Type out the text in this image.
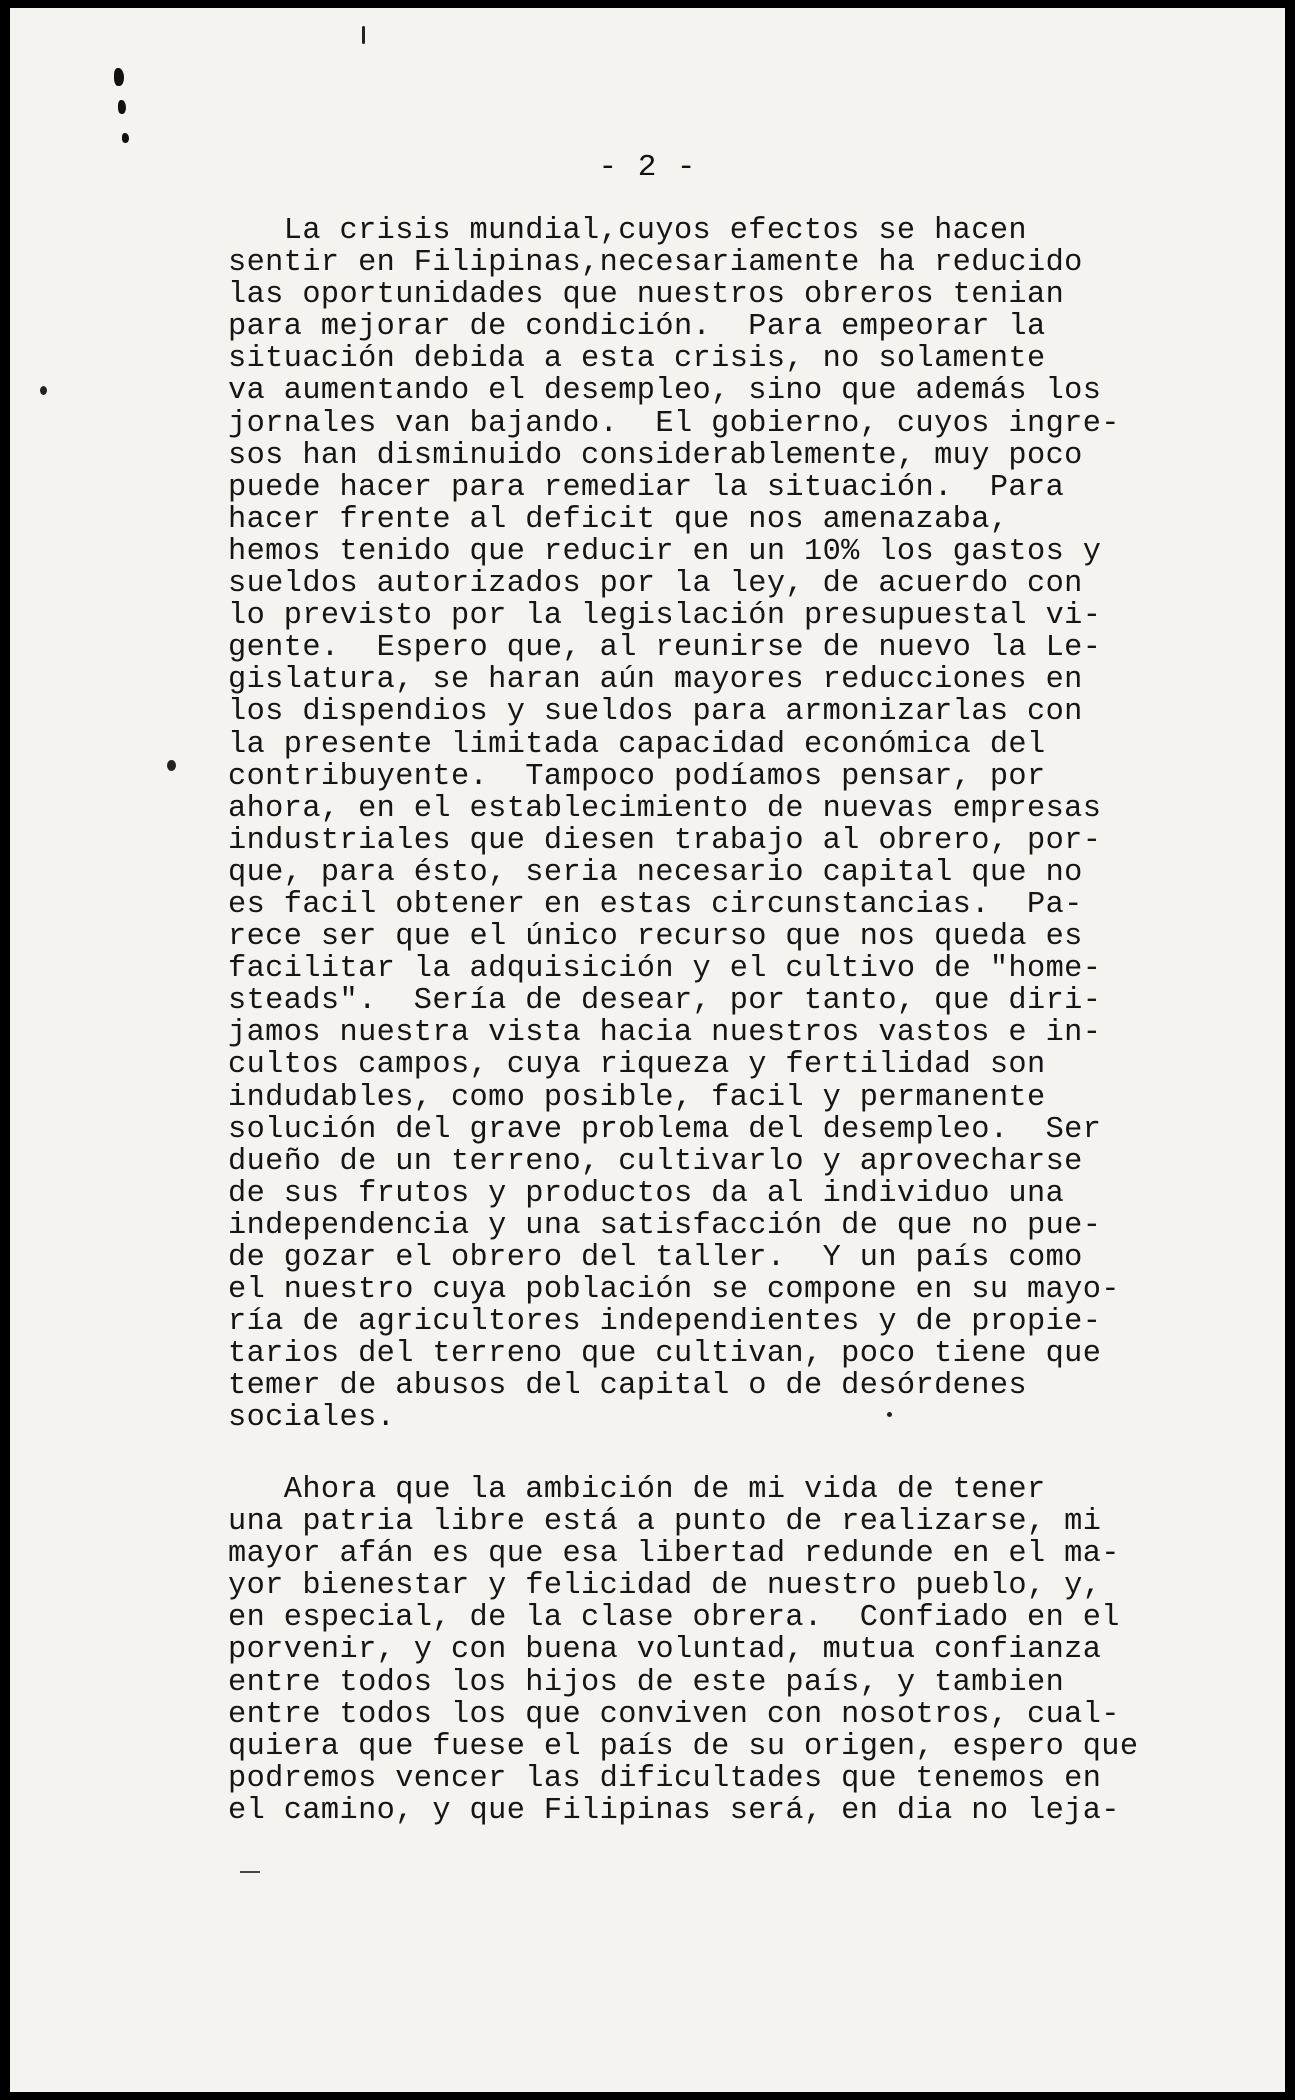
- 2 -
La crisis mundial,cuyos efectos se hacen
sentir en Filipinas,necesariamente ha reducido
las oportunidades que nuestros obreros tenian
para mejorar de condición.  Para empeorar la
situación debida a esta crisis, no solamente
va aumentando el desempleo, sino que además los
jornales van bajando.  El gobierno, cuyos ingre-
sos han disminuido considerablemente, muy poco
puede hacer para remediar la situación.  Para
hacer frente al deficit que nos amenazaba,
hemos tenido que reducir en un 10% los gastos y
sueldos autorizados por la ley, de acuerdo con
lo previsto por la legislación presupuestal vi-
gente.  Espero que, al reunirse de nuevo la Le-
gislatura, se haran aún mayores reducciones en
los dispendios y sueldos para armonizarlas con
la presente limitada capacidad económica del
contribuyente.  Tampoco podíamos pensar, por
ahora, en el establecimiento de nuevas empresas
industriales que diesen trabajo al obrero, por-
que, para ésto, seria necesario capital que no
es facil obtener en estas circunstancias.  Pa-
rece ser que el único recurso que nos queda es
facilitar la adquisición y el cultivo de "home-
steads".  Sería de desear, por tanto, que diri-
jamos nuestra vista hacia nuestros vastos e in-
cultos campos, cuya riqueza y fertilidad son
indudables, como posible, facil y permanente
solución del grave problema del desempleo.  Ser
dueño de un terreno, cultivarlo y aprovecharse
de sus frutos y productos da al individuo una
independencia y una satisfacción de que no pue-
de gozar el obrero del taller.  Y un país como
el nuestro cuya población se compone en su mayo-
ría de agricultores independientes y de propie-
tarios del terreno que cultivan, poco tiene que
temer de abusos del capital o de desórdenes
sociales.
Ahora que la ambición de mi vida de tener
una patria libre está a punto de realizarse, mi
mayor afán es que esa libertad redunde en el ma-
yor bienestar y felicidad de nuestro pueblo, y,
en especial, de la clase obrera.  Confiado en el
porvenir, y con buena voluntad, mutua confianza
entre todos los hijos de este país, y tambien
entre todos los que conviven con nosotros, cual-
quiera que fuese el país de su origen, espero que
podremos vencer las dificultades que tenemos en
el camino, y que Filipinas será, en dia no leja-
